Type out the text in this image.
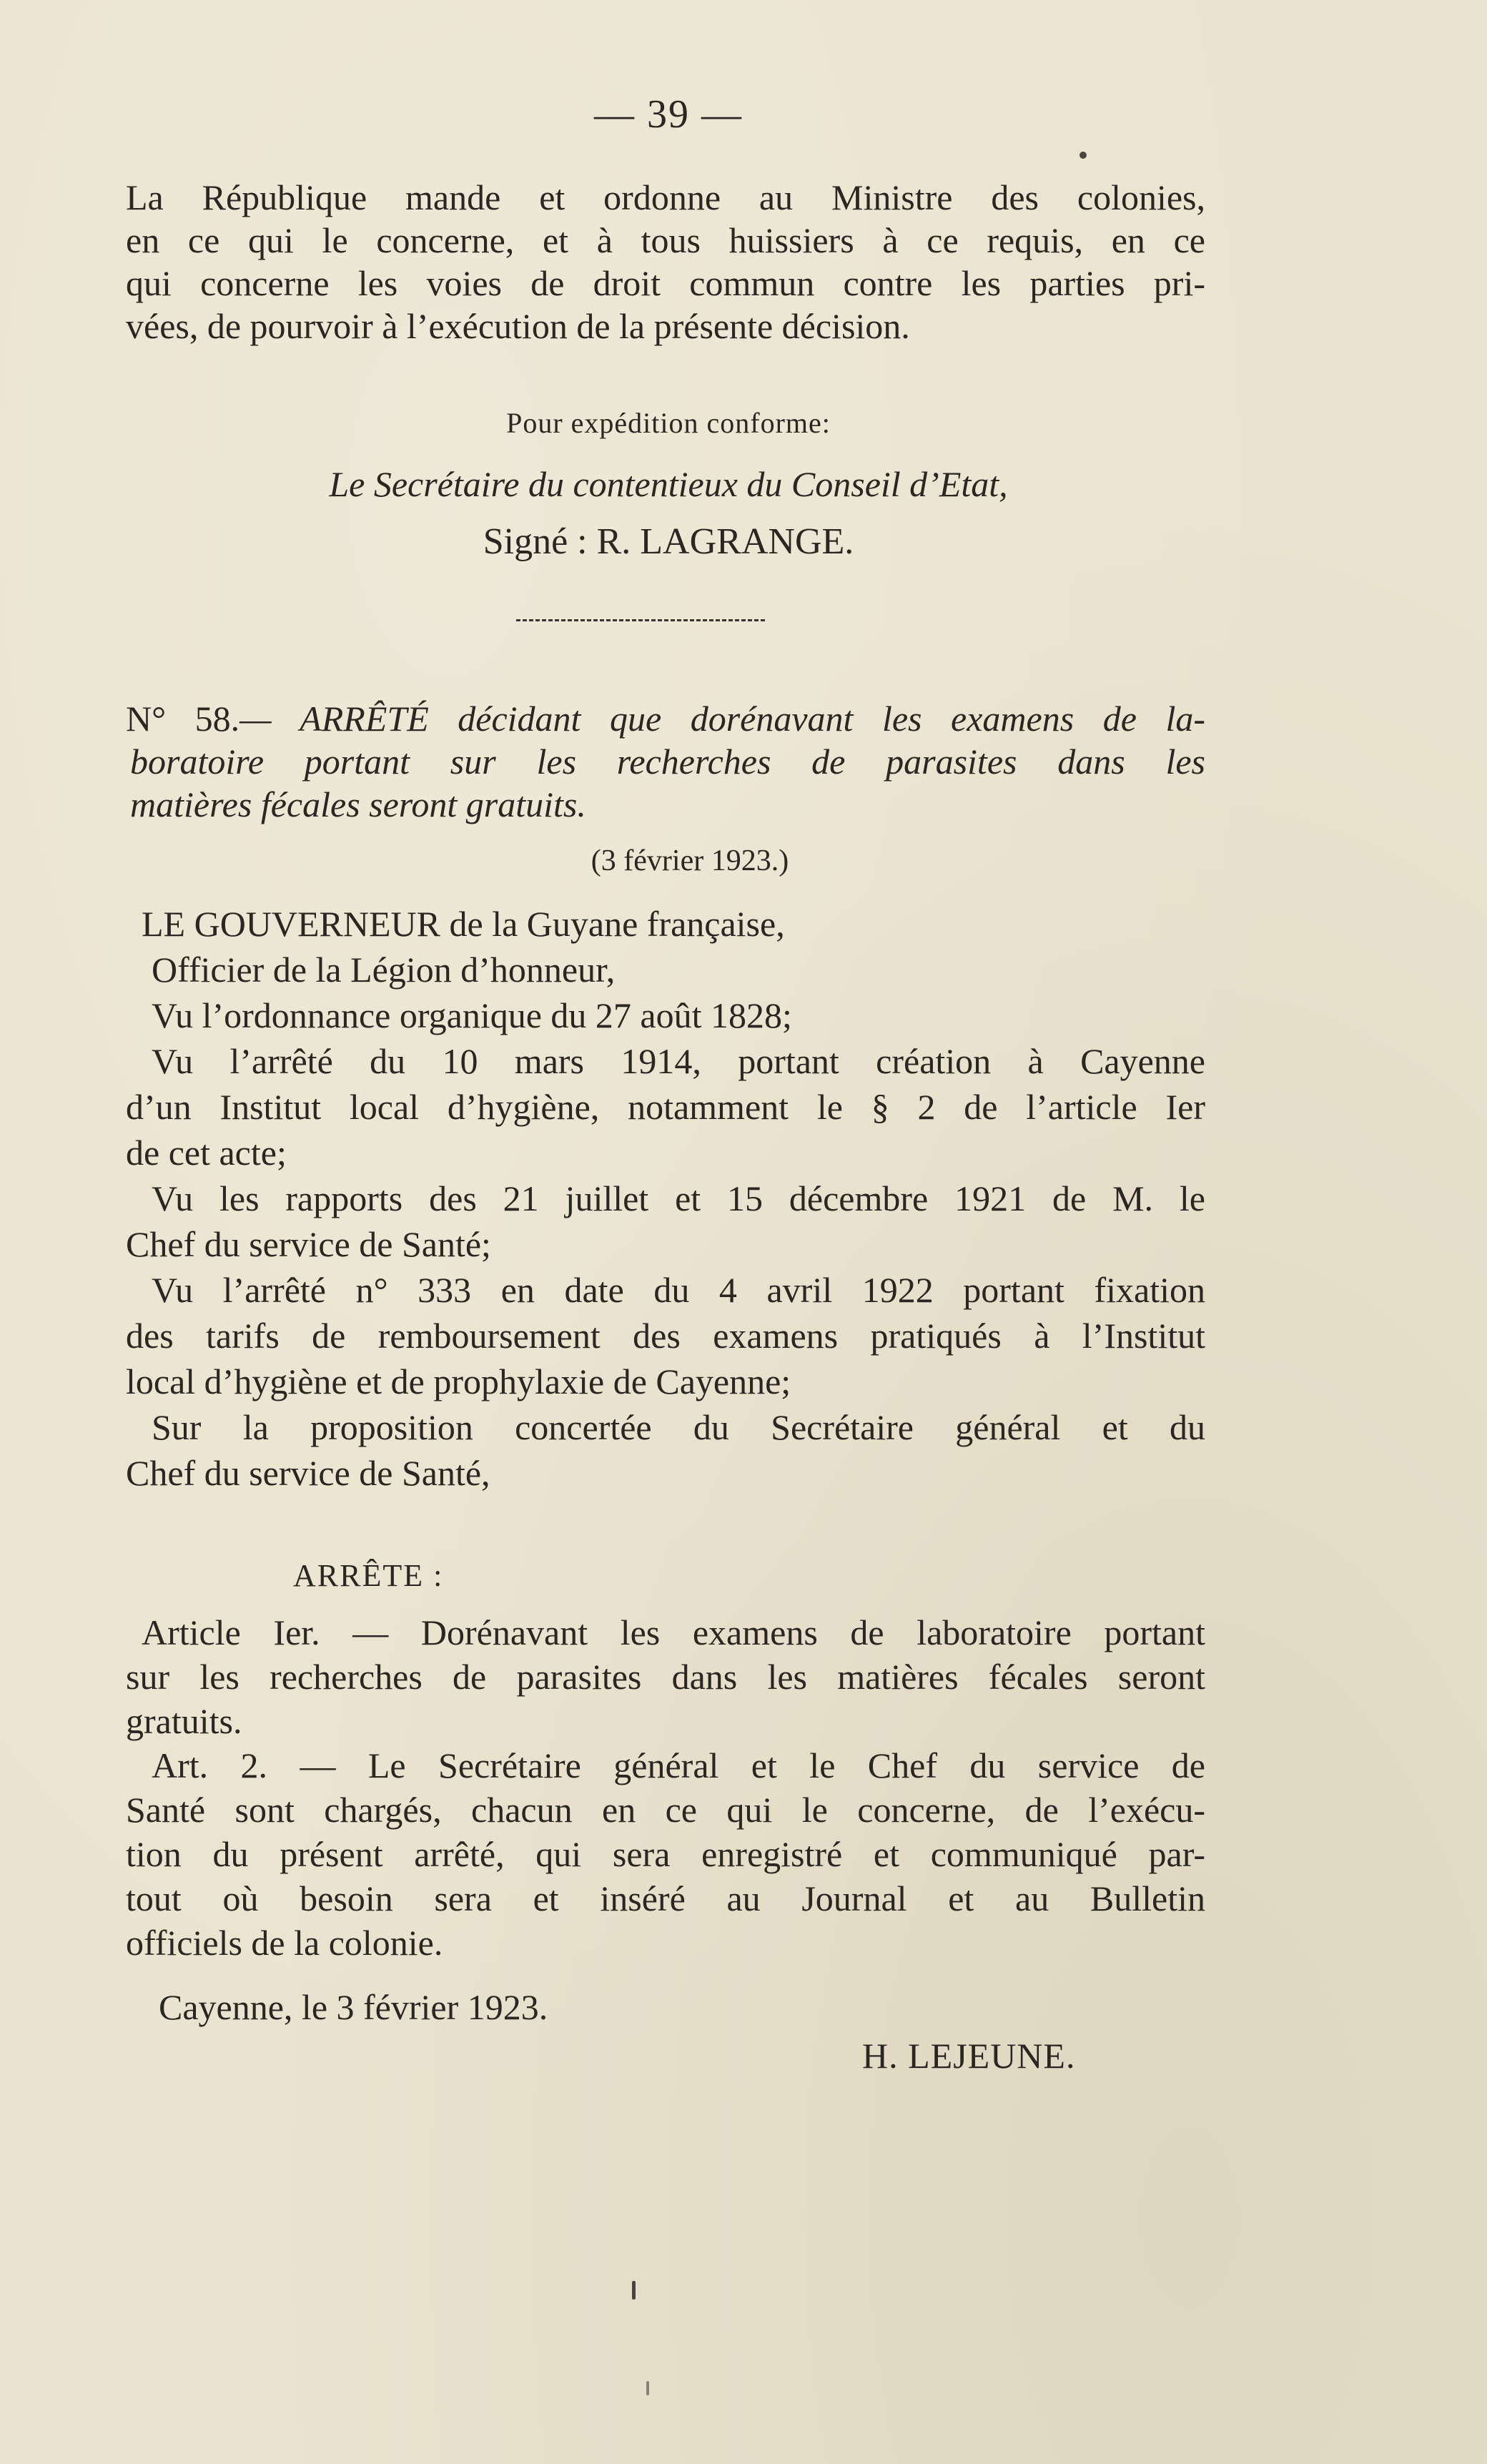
— 39 —
La République mande et ordonne au Ministre des colonies,
en ce qui le concerne, et à tous huissiers à ce requis, en ce
qui concerne les voies de droit commun contre les parties pri-
vées, de pourvoir à l’exécution de la présente décision.
Pour expédition conforme:
Le Secrétaire du contentieux du Conseil d’Etat,
Signé : R. LAGRANGE.
N° 58.— ARRÊTÉ décidant que dorénavant les examens de la-
boratoire portant sur les recherches de parasites dans les
matières fécales seront gratuits.
(3 février 1923.)
LE GOUVERNEUR de la Guyane française,
Officier de la Légion d’honneur,
Vu l’ordonnance organique du 27 août 1828;
Vu l’arrêté du 10 mars 1914, portant création à Cayenne
d’un Institut local d’hygiène, notamment le § 2 de l’article Ier
de cet acte;
Vu les rapports des 21 juillet et 15 décembre 1921 de M. le
Chef du service de Santé;
Vu l’arrêté n° 333 en date du 4 avril 1922 portant fixation
des tarifs de remboursement des examens pratiqués à l’Institut
local d’hygiène et de prophylaxie de Cayenne;
Sur la proposition concertée du Secrétaire général et du
Chef du service de Santé,
ARRÊTE :
Article Ier. — Dorénavant les examens de laboratoire portant
sur les recherches de parasites dans les matières fécales seront
gratuits.
Art. 2. — Le Secrétaire général et le Chef du service de
Santé sont chargés, chacun en ce qui le concerne, de l’exécu-
tion du présent arrêté, qui sera enregistré et communiqué par-
tout où besoin sera et inséré au Journal et au Bulletin
officiels de la colonie.
Cayenne, le 3 février 1923.
H. LEJEUNE.
